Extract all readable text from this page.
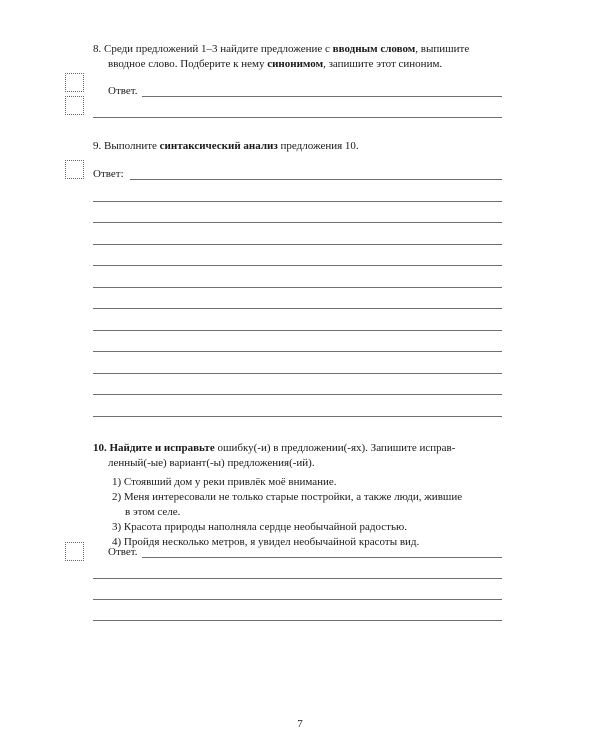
8. Среди предложений 1–3 найдите предложение с вводным словом, выпишите
вводное слово. Подберите к нему синонимом, запишите этот синоним.
Ответ.
9. Выполните синтаксический анализ предложения 10.
Ответ:
10. Найдите и исправьте ошибку(-и) в предложении(-ях). Запишите исправ-
ленный(-ые) вариант(-ы) предложения(-ий).
1) Стоявший дом у реки привлёк моё внимание.
2) Меня интересовали не только старые постройки, а также люди, жившие
в этом селе.
3) Красота природы наполняла сердце необычайной радостью.
4) Пройдя несколько метров, я увидел необычайной красоты вид.
Ответ.
7
